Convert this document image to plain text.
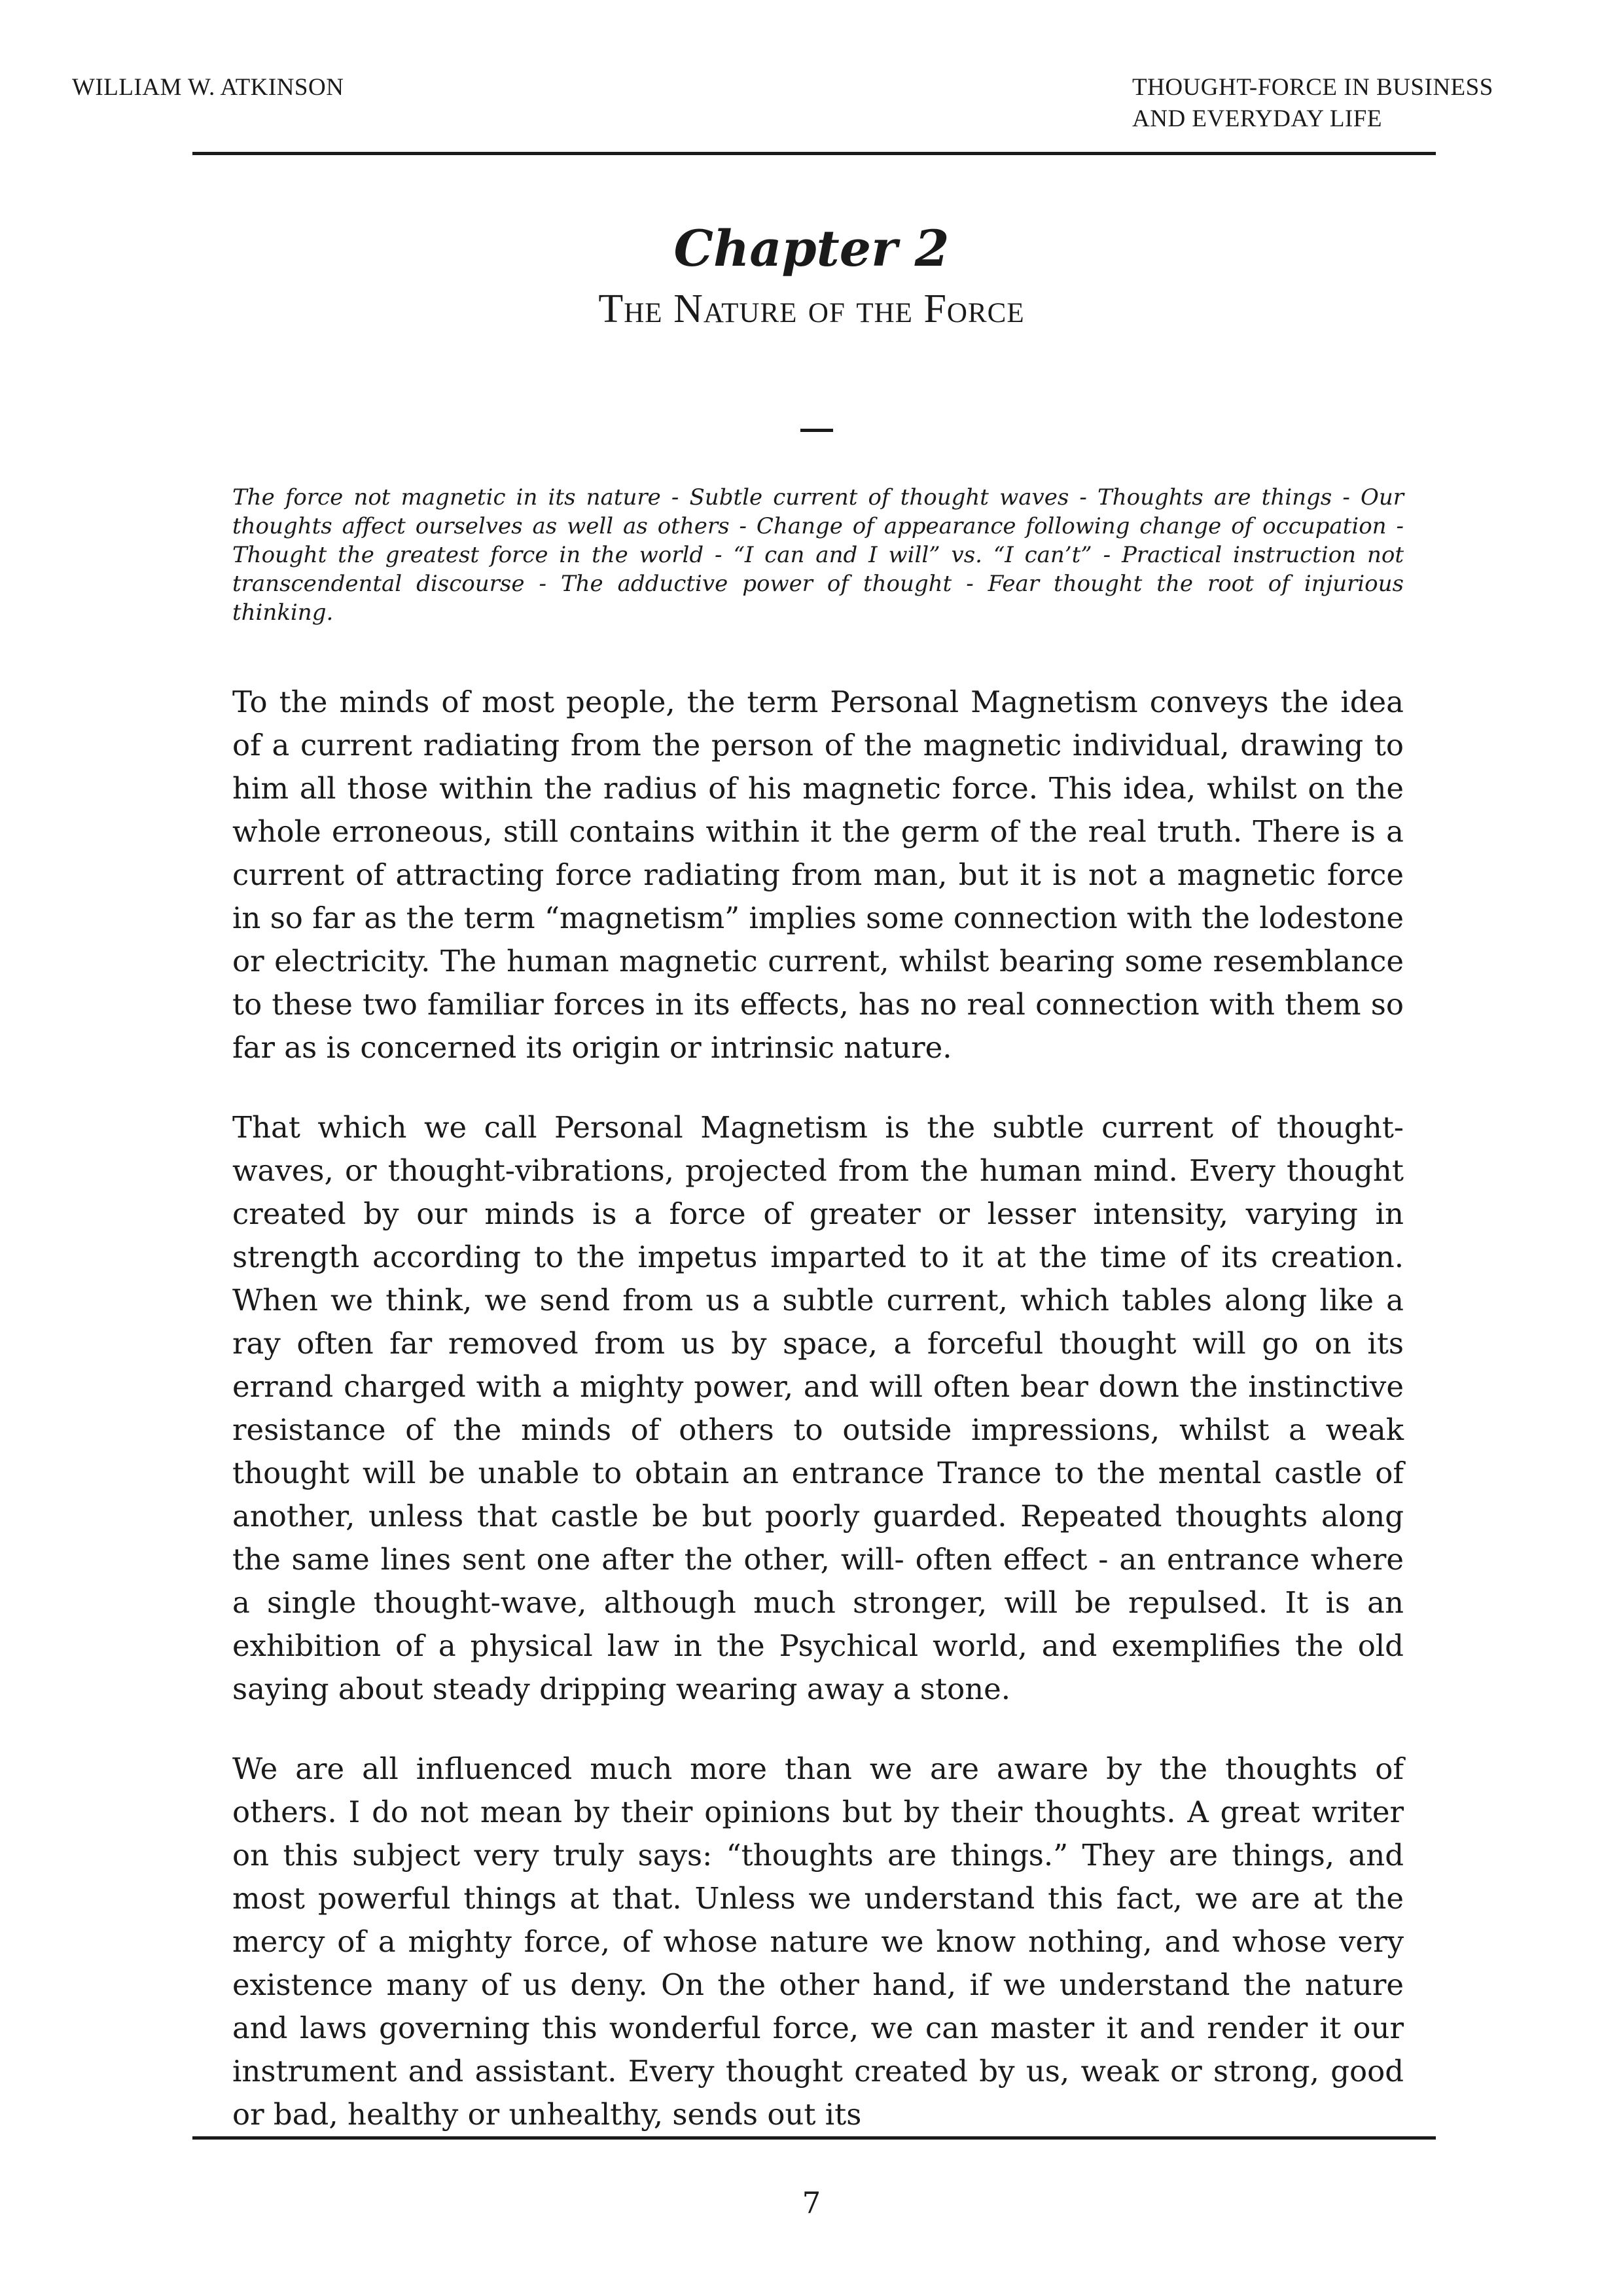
WILLIAM W. ATKINSON	THOUGHT-FORCE IN BUSINESS
AND EVERYDAY LIFE
Chapter 2
The Nature of the Force
The force not magnetic in its nature - Subtle current of thought waves - Thoughts are things - Our thoughts affect ourselves as well as others - Change of appearance following change of occupation - Thought the greatest force in the world - “I can and I will” vs. “I can’t” - Practical instruction not transcendental discourse - The adductive power of thought - Fear thought the root of injurious thinking.

To the minds of most people, the term Personal Magnetism conveys the idea of a current radiating from the person of the magnetic individual, drawing to him all those within the radius of his magnetic force. This idea, whilst on the whole erroneous, still contains within it the germ of the real truth. There is a current of attracting force radiating from man, but it is not a magnetic force in so far as the term “magnetism” implies some connection with the lodestone or electricity. The human magnetic current, whilst bearing some resemblance to these two familiar forces in its effects, has no real connection with them so far as is concerned its origin or intrinsic nature.

That which we call Personal Magnetism is the subtle current of thought-waves, or thought-vibrations, projected from the human mind. Every thought created by our minds is a force of greater or lesser intensity, varying in strength according to the impetus imparted to it at the time of its creation. When we think, we send from us a subtle current, which tables along like a ray often far removed from us by space, a forceful thought will go on its errand charged with a mighty power, and will often bear down the instinctive resistance of the minds of others to outside impressions, whilst a weak thought will be unable to obtain an entrance Trance to the mental castle of another, unless that castle be but poorly guarded. Repeated thoughts along the same lines sent one after the other, will- often effect - an entrance where a single thought-wave, although much stronger, will be repulsed. It is an exhibition of a physical law in the Psychical world, and exemplifies the old saying about steady dripping wearing away a stone.

We are all influenced much more than we are aware by the thoughts of others. I do not mean by their opinions but by their thoughts. A great writer on this subject very truly says: “thoughts are things.” They are things, and most powerful things at that. Unless we understand this fact, we are at the mercy of a mighty force, of whose nature we know nothing, and whose very existence many of us deny. On the other hand, if we understand the nature and laws governing this wonderful force, we can master it and render it our instrument and assistant. Every thought created by us, weak or strong, good or bad, healthy or unhealthy, sends out its

7
